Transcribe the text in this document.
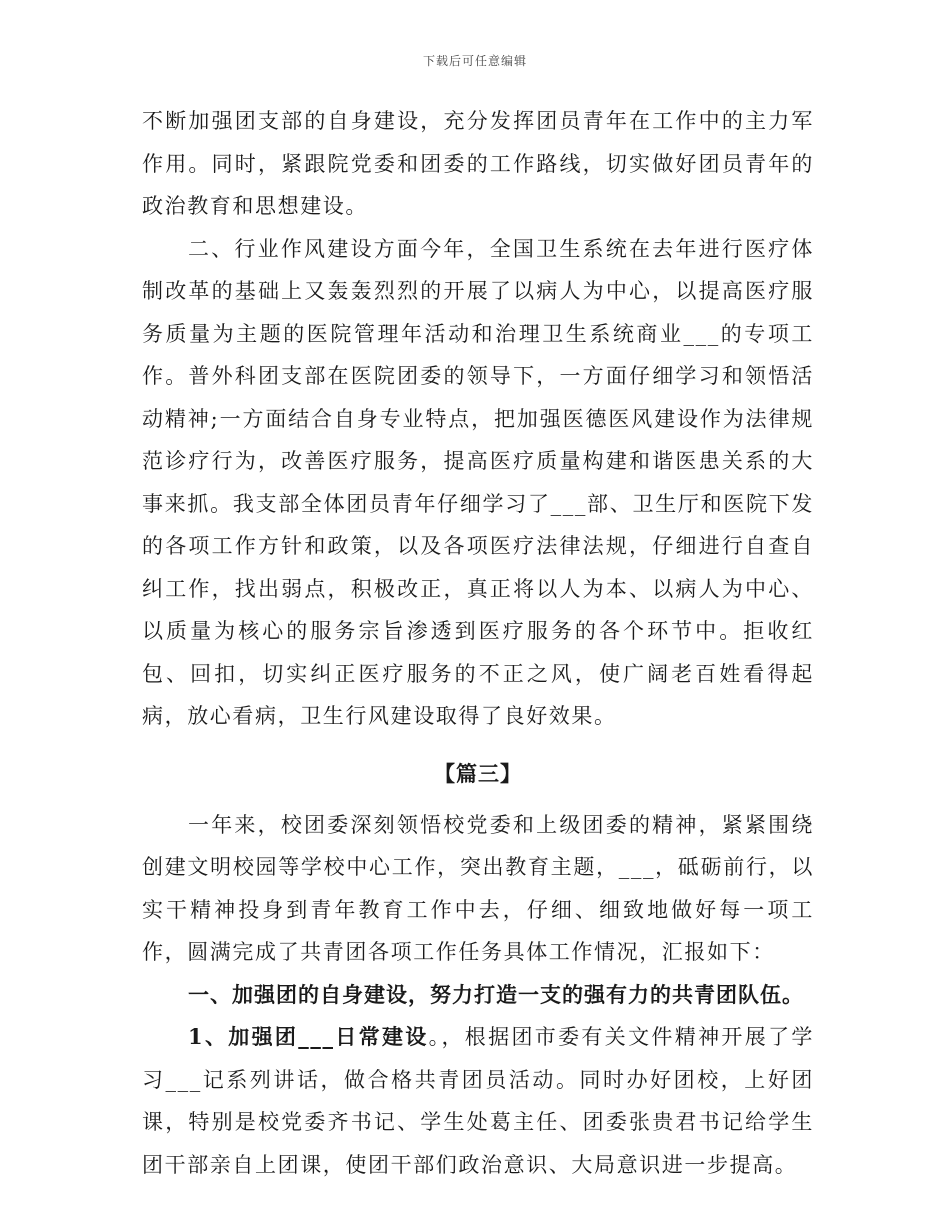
下载后可任意编辑

不断加强团支部的自身建设，充分发挥团员青年在工作中的主力军作用。同时，紧跟院党委和团委的工作路线，切实做好团员青年的政治教育和思想建设。

二、行业作风建设方面今年，全国卫生系统在去年进行医疗体制改革的基础上又轰轰烈烈的开展了以病人为中心，以提高医疗服务质量为主题的医院管理年活动和治理卫生系统商业___的专项工作。普外科团支部在医院团委的领导下，一方面仔细学习和领悟活动精神;一方面结合自身专业特点，把加强医德医风建设作为法律规范诊疗行为，改善医疗服务，提高医疗质量构建和谐医患关系的大事来抓。我支部全体团员青年仔细学习了___部、卫生厅和医院下发的各项工作方针和政策，以及各项医疗法律法规，仔细进行自查自纠工作，找出弱点，积极改正，真正将以人为本、以病人为中心、以质量为核心的服务宗旨渗透到医疗服务的各个环节中。拒收红包、回扣，切实纠正医疗服务的不正之风，使广阔老百姓看得起病，放心看病，卫生行风建设取得了良好效果。

【篇三】

一年来，校团委深刻领悟校党委和上级团委的精神，紧紧围绕创建文明校园等学校中心工作，突出教育主题，___，砥砺前行，以实干精神投身到青年教育工作中去，仔细、细致地做好每一项工作，圆满完成了共青团各项工作任务具体工作情况，汇报如下：

一、加强团的自身建设，努力打造一支的强有力的共青团队伍。

1、加强团___日常建设。，根据团市委有关文件精神开展了学习___记系列讲话，做合格共青团员活动。同时办好团校，上好团课，特别是校党委齐书记、学生处葛主任、团委张贵君书记给学生团干部亲自上团课，使团干部们政治意识、大局意识进一步提高。
